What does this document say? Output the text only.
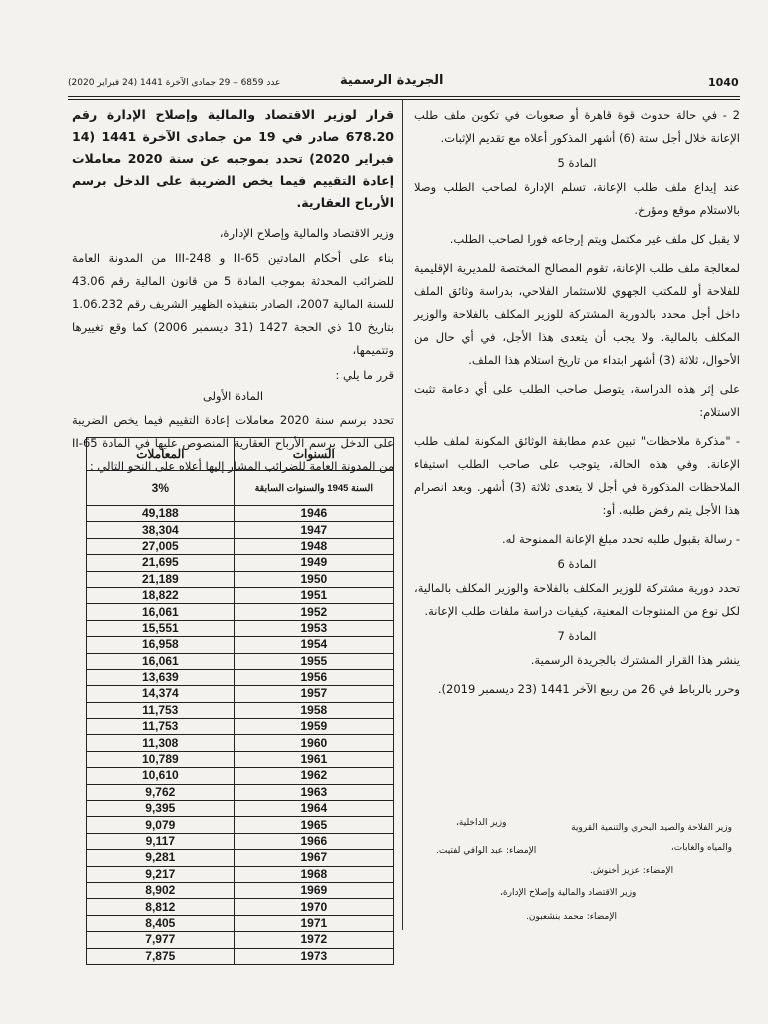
1040
الجريدة الرسمية
عدد 6859 – 29 جمادى الآخرة 1441 (24 فبراير 2020)

2 - في حالة حدوث قوة قاهرة أو صعوبات في تكوين ملف طلب الإعانة خلال أجل ستة (6) أشهر المذكور أعلاه مع تقديم الإثبات.

المادة 5

عند إيداع ملف طلب الإعانة، تسلم الإدارة لصاحب الطلب وصلا بالاستلام موقع ومؤرخ.

لا يقبل كل ملف غير مكتمل ويتم إرجاعه فورا لصاحب الطلب.

لمعالجة ملف طلب الإعانة، تقوم المصالح المختصة للمديرية الإقليمية للفلاحة أو للمكتب الجهوي للاستثمار الفلاحي، بدراسة وثائق الملف داخل أجل محدد بالدورية المشتركة للوزير المكلف بالفلاحة والوزير المكلف بالمالية. ولا يجب أن يتعدى هذا الأجل، في أي حال من الأحوال، ثلاثة (3) أشهر ابتداء من تاريخ استلام هذا الملف.

على إثر هذه الدراسة، يتوصل صاحب الطلب على أي دعامة تثبت الاستلام:

- "مذكرة ملاحظات" تبين عدم مطابقة الوثائق المكونة لملف طلب الإعانة. وفي هذه الحالة، يتوجب على صاحب الطلب استيفاء الملاحظات المذكورة في أجل لا يتعدى ثلاثة (3) أشهر. وبعد انصرام هذا الأجل يتم رفض طلبه. أو:

- رسالة بقبول طلبه تحدد مبلغ الإعانة الممنوحة له.

المادة 6

تحدد دورية مشتركة للوزير المكلف بالفلاحة والوزير المكلف بالمالية، لكل نوع من المنتوجات المعنية، كيفيات دراسة ملفات طلب الإعانة.

المادة 7

ينشر هذا القرار المشترك بالجريدة الرسمية.

وحرر بالرباط في 26 من ربيع الآخر 1441 (23 ديسمبر 2019).

وزير الفلاحة والصيد البحري والتنمية القروية والمياه والغابات،
الإمضاء: عزيز أخنوش.
وزير الداخلية،
الإمضاء: عبد الوافي لفتيت.
وزير الاقتصاد والمالية وإصلاح الإدارة،
الإمضاء: محمد بنشعبون.

قرار لوزير الاقتصاد والمالية وإصلاح الإدارة رقم 678.20 صادر في 19 من جمادى الآخرة 1441 (14 فبراير 2020) تحدد بموجبه عن سنة 2020 معاملات إعادة التقييم فيما يخص الضريبة على الدخل برسم الأرباح العقارية.

وزير الاقتصاد والمالية وإصلاح الإدارة،

بناء على أحكام المادتين 65-II و 248-III من المدونة العامة للضرائب المحدثة بموجب المادة 5 من قانون المالية رقم 43.06 للسنة المالية 2007، الصادر بتنفيذه الظهير الشريف رقم 1.06.232 بتاريخ 10 ذي الحجة 1427 (31 ديسمبر 2006) كما وقع تغييرها وتتميمها،

قرر ما يلي :

المادة الأولى

تحدد برسم سنة 2020 معاملات إعادة التقييم فيما يخص الضريبة على الدخل برسم الأرباح العقارية المنصوص عليها في المادة 65-II من المدونة العامة للضرائب المشار إليها أعلاه على النحو التالي :

السنوات	المعاملات
السنة 1945 والسنوات السابقة	3%
1946	49,188
1947	38,304
1948	27,005
1949	21,695
1950	21,189
1951	18,822
1952	16,061
1953	15,551
1954	16,958
1955	16,061
1956	13,639
1957	14,374
1958	11,753
1959	11,753
1960	11,308
1961	10,789
1962	10,610
1963	9,762
1964	9,395
1965	9,079
1966	9,117
1967	9,281
1968	9,217
1969	8,902
1970	8,812
1971	8,405
1972	7,977
1973	7,875
